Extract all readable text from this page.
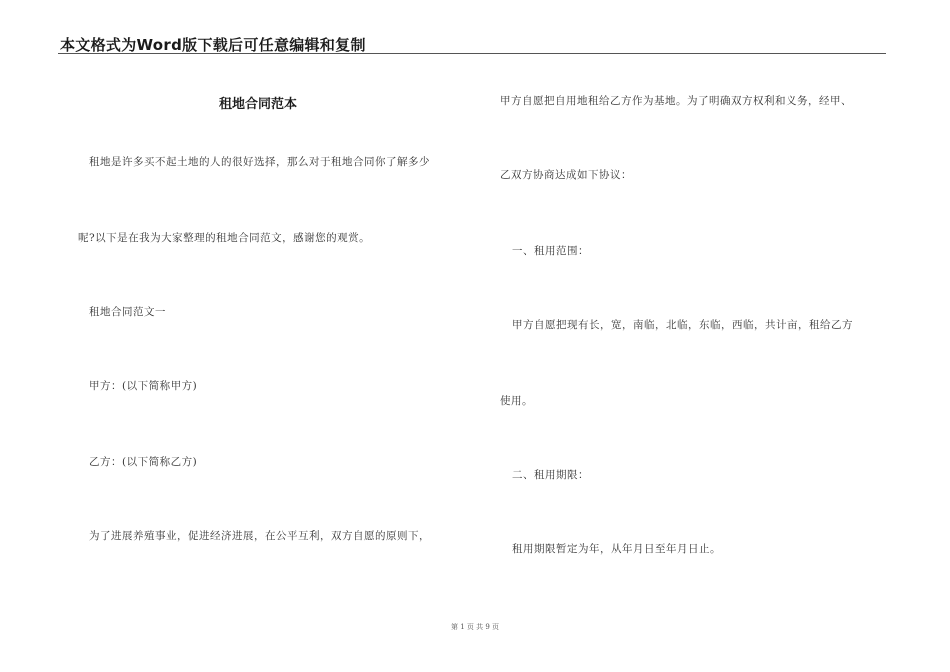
本文格式为Word版下载后可任意编辑和复制
租地合同范本
租地是许多买不起土地的人的很好选择，那么对于租地合同你了解多少
呢?以下是在我为大家整理的租地合同范文，感谢您的观赏。
租地合同范文一
甲方：(以下简称甲方)
乙方：(以下简称乙方)
为了进展养殖事业，促进经济进展，在公平互利，双方自愿的原则下，
甲方自愿把自用地租给乙方作为基地。为了明确双方权利和义务，经甲、
乙双方协商达成如下协议：
一、租用范围：
甲方自愿把现有长，宽，南临，北临，东临，西临，共计亩，租给乙方
使用。
二、租用期限：
租用期限暂定为年，从年月日至年月日止。
第 1 页 共 9 页
